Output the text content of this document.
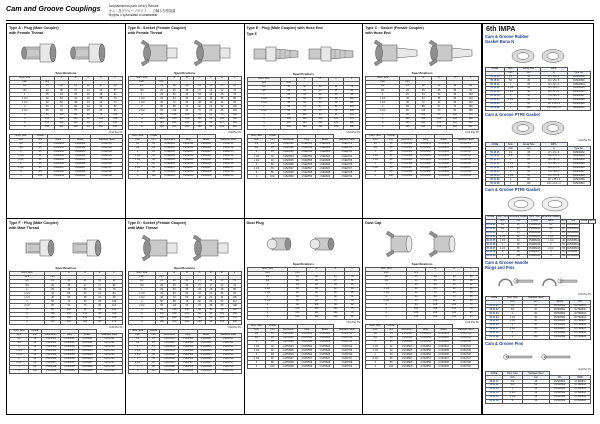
Cam and Groove Couplings	Acoplamientos para Leva y Ranura
カム・及びグルーブカプラ　　凸輪卡扣型接頭
Муфты с кулачками и канавками
Type A : Plug (Male Coupler)
with Female Thread
Specifications
Nom. Size		A	B	C	D	L
inch	mm					
1/2	15	30	21	12	17	53
3/4	20	35	27	14	22	57
1	25	43	33	16	28	64
1 1/4	32	53	42	18	35	70
1 1/2	40	60	48	19	41	74
2	50	74	60	22	52	82
2 1/2	65	92	76	25	65	95
3	80	108	89	28	78	104
4	100	133	114	32	102	118
5	125	164	141	36	127	132
6	150	194	168	40	152	146
Unit Per Pc
Nom. Size	CODE			
inch	mm	Alum.	Brass	Stainless Steel
1/2	15	CVA0501	CVA0601	CVA0701
3/4	20	CVA0502	CVA0602	CVA0702
1	25	CVA0503	CVA0603	CVA0703
1 1/4	32	CVA0504	CVA0604	CVA0704
1 1/2	40	CVA0505	CVA0605	CVA0705
2	50	CVA0506	CVA0606	CVA0706
2 1/2	65	CVA0507	CVA0607	CVA0707
3	80	CVA0508	CVA0608	CVA0708
4	100	CVA0509	CVA0609	CVA0709
Type B : Socket (Female Coupler)
with Female Thread
Specifications
Nom. Size		A	B	C	D	E	L
inch	mm						
1/2	15	38	30	21	12	17	64
3/4	20	45	35	27	14	22	70
1	25	54	43	33	16	28	78
1 1/4	32	64	53	42	18	35	86
1 1/2	40	72	60	48	19	41	92
2	50	88	74	60	22	52	102
2 1/2	65	110	92	76	25	65	118
3	80	128	108	89	28	78	130
4	100	158	133	114	32	102	148
5	125	190	164	141	36	127	166
6	150	224	194	168	40	152	184
Unit Per Pc
Nom. Size	CODE				
inch	mm	Aluminium	Alloy	Brass	Stainless Steel
1/2	15	CVB0501	CVB0551	CVB0601	CVB0701
3/4	20	CVB0502	CVB0552	CVB0602	CVB0702
1	25	CVB0503	CVB0553	CVB0603	CVB0703
1 1/4	32	CVB0504	CVB0554	CVB0604	CVB0704
1 1/2	40	CVB0505	CVB0555	CVB0605	CVB0705
2	50	CVB0506	CVB0556	CVB0606	CVB0706
2 1/2	65	CVB0507	CVB0557	CVB0607	CVB0707
3	80	CVB0508	CVB0558	CVB0608	CVB0708
4	100	CVB0509	CVB0559	CVB0609	CVB0709
Type E : Plug (Male Coupler) with Hose End
Type E
Specifications
Nom. Size		A	B	H	L
inch	mm				
1/2	15	30	19	21	78
3/4	20	35	25	27	84
1	25	43	32	33	95
1 1/4	32	53	38	42	104
1 1/2	40	60	44	48	112
2	50	74	57	60	124
2 1/2	65	92	70	76	140
3	80	108	83	89	152
4	100	133	108	114	172
5	125	164	133	141	190
6	150	194	159	168	208
Unit Per Pc
Nom. Size	CODE				
inch	mm	Aluminium	Alloy	Brass	Stainless Steel
1/2	15	CVE0501	CVE0551	CVE0601	CVE0701
3/4	20	CVE0502	CVE0552	CVE0602	CVE0702
1	25	CVE0503	CVE0553	CVE0603	CVE0703
1 1/4	32	CVE0504	CVE0554	CVE0604	CVE0704
1 1/2	40	CVE0505	CVE0555	CVE0605	CVE0705
2	50	CVE0506	CVE0556	CVE0606	CVE0706
2 1/2	65	CVE0507	CVE0557	CVE0607	CVE0707
3	80	CVE0508	CVE0558	CVE0608	CVE0708
4	100	CVE0509	CVE0559	CVE0609	CVE0709
Type C : Socket (Female Coupler)
with Hose End
Specifications
Nom. Size		A	B	H	L
inch	mm				
1/2	15	38	19	30	84
3/4	20	45	25	35	92
1	25	54	32	43	104
1 1/4	32	64	38	53	114
1 1/2	40	72	44	60	122
2	50	88	57	74	136
2 1/2	65	110	70	92	156
3	80	128	83	108	170
4	100	158	108	133	192
5	125	190	133	164	212
6	150	224	159	194	232
Unit Per Pc
Nom. Size	CODE				
inch	mm	Aluminium	Alloy	Brass	Stainless Steel
1/2	15	CVC0501	CVC0551	CVC0601	CVC0701
3/4	20	CVC0502	CVC0552	CVC0602	CVC0702
1	25	CVC0503	CVC0553	CVC0603	CVC0703
1 1/4	32	CVC0504	CVC0554	CVC0604	CVC0704
1 1/2	40	CVC0505	CVC0555	CVC0605	CVC0705
2	50	CVC0506	CVC0556	CVC0606	CVC0706
2 1/2	65	CVC0507	CVC0557	CVC0607	CVC0707
3	80	CVC0508	CVC0558	CVC0608	CVC0708
4	100	CVC0509	CVC0559	CVC0609	CVC0709
Type F : Plug (Male Coupler)
with Male Thread
Specifications
Nom. Size		A	B	C	L
inch	mm				
1/2	15	30	21	15	62
3/4	20	35	27	17	68
1	25	43	33	19	76
1 1/4	32	53	42	21	84
1 1/2	40	60	48	22	90
2	50	74	60	26	100
2 1/2	65	92	76	30	114
3	80	108	89	33	124
4	100	133	114	38	140
5	125	164	141	43	158
6	150	194	168	48	174
Unit Per Pc
Nom. Size	CODE				
inch	mm	Aluminium	Alloy	Brass	Stainless Steel
1/2	15	CVF0501	CVF0551	CVF0601	CVF0701
3/4	20	CVF0502	CVF0552	CVF0602	CVF0702
1	25	CVF0503	CVF0553	CVF0603	CVF0703
1 1/4	32	CVF0504	CVF0554	CVF0604	CVF0704
1 1/2	40	CVF0505	CVF0555	CVF0605	CVF0705
2	50	CVF0506	CVF0556	CVF0606	CVF0706
2 1/2	65	CVF0507	CVF0557	CVF0607	CVF0707
3	80	CVF0508	CVF0558	CVF0608	CVF0708
4	100	CVF0509	CVF0559	CVF0609	CVF0709
Type D : Socket (Female Coupler)
with Male Thread
Specifications
Nom. Size		A	B	C	D	E	L
inch	mm						
1/2	15	38	30	21	15	17	70
3/4	20	45	35	27	17	22	76
1	25	54	43	33	19	28	86
1 1/4	32	64	53	42	21	35	94
1 1/2	40	72	60	48	22	41	100
2	50	88	74	60	26	52	112
2 1/2	65	110	92	76	30	65	128
3	80	128	108	89	33	78	140
4	100	158	133	114	38	102	158
5	125	190	164	141	43	127	178
6	150	224	194	168	48	152	196
Unit Per Pc
Nom. Size	CODE				
inch	mm	Aluminium	Alloy	Brass	Stainless Steel
1/2	15	CVD0501	CVD0551	CVD0601	CVD0701
3/4	20	CVD0502	CVD0552	CVD0602	CVD0702
1	25	CVD0503	CVD0553	CVD0603	CVD0703
1 1/4	32	CVD0504	CVD0554	CVD0604	CVD0704
1 1/2	40	CVD0505	CVD0555	CVD0605	CVD0705
2	50	CVD0506	CVD0556	CVD0606	CVD0706
2 1/2	65	CVD0507	CVD0557	CVD0607	CVD0707
3	80	CVD0508	CVD0558	CVD0608	CVD0708
4	100	CVD0509	CVD0559	CVD0609	CVD0709
Dust Plug
Specifications
Nom. Size		A	B	L
inch	mm			
1/2	15	30	21	34
3/4	20	35	27	36
1	25	43	33	40
1 1/4	32	53	42	44
1 1/2	40	60	48	46
2	50	74	60	52
2 1/2	65	92	76	58
3	80	108	89	62
4	100	133	114	70
5	125	164	141	78
6	150	194	168	86
Unit Per Pc
Nom. Size	CODE				
inch	mm	Aluminium	Alloy	Brass	Stainless Steel
1/2	15	CVP0501	CVP0551	CVP0601	CVP0701
3/4	20	CVP0502	CVP0552	CVP0602	CVP0702
1	25	CVP0503	CVP0553	CVP0603	CVP0703
1 1/4	32	CVP0504	CVP0554	CVP0604	CVP0704
1 1/2	40	CVP0505	CVP0555	CVP0605	CVP0705
2	50	CVP0506	CVP0556	CVP0606	CVP0706
2 1/2	65	CVP0507	CVP0557	CVP0607	CVP0707
3	80	CVP0508	CVP0558	CVP0608	CVP0708
4	100	CVP0509	CVP0559	CVP0609	CVP0709
Dust Cap
Specifications
Nom. Size		A	B	L
inch	mm			
1/2	15	38	30	36
3/4	20	45	35	38
1	25	54	43	42
1 1/4	32	64	53	46
1 1/2	40	72	60	50
2	50	88	74	56
2 1/2	65	110	92	64
3	80	128	108	70
4	100	158	133	78
5	125	190	164	86
6	150	224	194	94
Unit Per Pc
Nom. Size	CODE				
inch	mm	Aluminium	Alloy	Brass	Stainless Steel
1/2	15	CVK0501	CVK0551	CVK0601	CVK0701
3/4	20	CVK0502	CVK0552	CVK0602	CVK0702
1	25	CVK0503	CVK0553	CVK0603	CVK0703
1 1/4	32	CVK0504	CVK0554	CVK0604	CVK0704
1 1/2	40	CVK0505	CVK0555	CVK0605	CVK0705
2	50	CVK0506	CVK0556	CVK0606	CVK0706
2 1/2	65	CVK0507	CVK0557	CVK0607	CVK0707
3	80	CVK0508	CVK0558	CVK0608	CVK0708
4	100	CVK0509	CVK0559	CVK0609	CVK0709
6th IMPA
Cam & Groove Rubber
Gasket Buna N
CODE	Nom.	Actual Size	IMPA	
	inch	mm	A	Type No.
05 15 15	1/2	15	27 x 19 x 3	DVM00502
05 15 20	3/4	20	34 x 25 x 3	DVM00503
05 15 25	1	25	42 x 32 x 3	DVM00504
05 15 32	1 1/4	32	52 x 40 x 3	DVM00505
05 15 40	1 1/2	40	60 x 47 x 3	DVM00506
05 15 50	2	50	73 x 59 x 3	DVM00507
05 21 65	2 1/2	65	91 x 75 x 4	DVM00508
05 21 80	3	80	107 x 88 x 4	DVM00509
05 21 99	4	100	132 x 113 x 4	DVM00510
Cam & Groove PTFE Gasket
Unit Per Pc
CODE	Nom.	Actual Size	IMPA	
	inch	mm	A	Type No.
05 15 15	1/2	15	27 x 19 x 3	DVM00602
05 15 20	3/4	20	34 x 25 x 3	DVM00603
05 15 25	1	25	42 x 32 x 3	DVM00604
05 15 32	1 1/4	32	52 x 40 x 3	DVM00605
05 15 40	1 1/2	40	60 x 47 x 3	DVM00606
05 15 50	2	50	73 x 59 x 3	DVM00607
05 21 65	2 1/2	65	91 x 75 x 4	DVM00608
05 21 80	3	80	107 x 88 x 4	DVM00609
05 21 99	4	100	132 x 113 x 4	DVM00610
Cam & Groove PTFE Gasket
CODE	Nom. Size	Envelope Gasket	Nom. Size	Envelope Gasket				
	inch	mm	CODE	IMPA	inch	mm	CODE	IMPA
05 21 21	1/2	15	DVM06010	1/2	15	DVM06510		
05 21 22	3/4	20	DVM06011	3/4	20	DVM06511		
05 21 23	1	25	DVM06012	1	25	DVM06512		
05 21 24	1 1/4	32	DVM06013	1 1/4	32	DVM06513		
05 21 25	1 1/2	40	DVM06014	1 1/2	40	DVM06514		
05 21 26	2	50	DVM06015	2	50	DVM06515		
05 21 27	2 1/2	65	DVM06016	2 1/2	65	DVM06516		
05 21 28	3	80	DVM06017	3	80	DVM06517		
05 21 29	4	100	DVM06018	4	100	DVM06518		
Cam & Groove Handle
Rings and Pins
Unit Per Pc
CODE	Nom. Size	Stainless Steel		
	inch	mm	Handle	Pin
05 21 31	1/2	15	DVH00501	DVH00601
05 21 32	3/4	20	DVH00502	DVH00602
05 21 33	1	25	DVH00503	DVH00603
05 21 34	1 1/4	32	DVH00504	DVH00604
05 21 35	1 1/2	40	DVH00505	DVH00605
05 21 36	2	50	DVH00506	DVH00606
05 21 37	2 1/2	65	DVH00507	DVH00607
05 21 38	3	80	DVH00508	DVH00608
05 21 39	4	100	DVH00509	DVH00609
Cam & Groove Pins
Unit Per Pc
CODE	Nom. Size	Stainless Steel		
	inch	mm	Pin	IMPA
05 21 41	1/2	15	DVS00501	DVS00601
05 21 42	3/4	20	DVS00502	DVS00602
05 21 43	1	25	DVS00503	DVS00603
05 21 44	1 1/4	32	DVS00504	DVS00604
05 21 45	1 1/2	40	DVS00505	DVS00605
05 21 46	2	50	DVS00506	DVS00606
